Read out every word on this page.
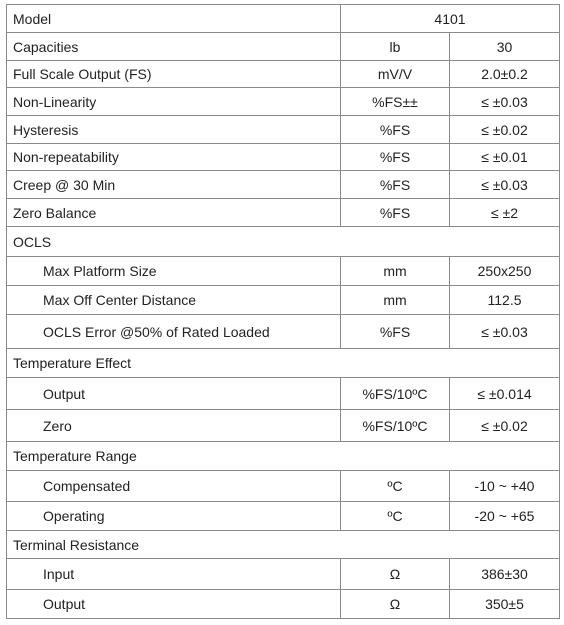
Model	4101	
Capacities	lb	30
Full Scale Output (FS)	mV/V	2.0±0.2
Non-Linearity	%FS±±	≤ ±0.03
Hysteresis	%FS	≤ ±0.02
Non-repeatability	%FS	≤ ±0.01
Creep @ 30 Min	%FS	≤ ±0.03
Zero Balance	%FS	≤ ±2
OCLS		
Max Platform Size	mm	250x250
Max Off Center Distance	mm	112.5
OCLS Error @50% of Rated Loaded	%FS	≤ ±0.03
Temperature Effect		
Output	%FS/10ºC	≤ ±0.014
Zero	%FS/10ºC	≤ ±0.02
Temperature Range		
Compensated	ºC	-10 ~ +40
Operating	ºC	-20 ~ +65
Terminal Resistance		
Input	Ω	386±30
Output	Ω	350±5
